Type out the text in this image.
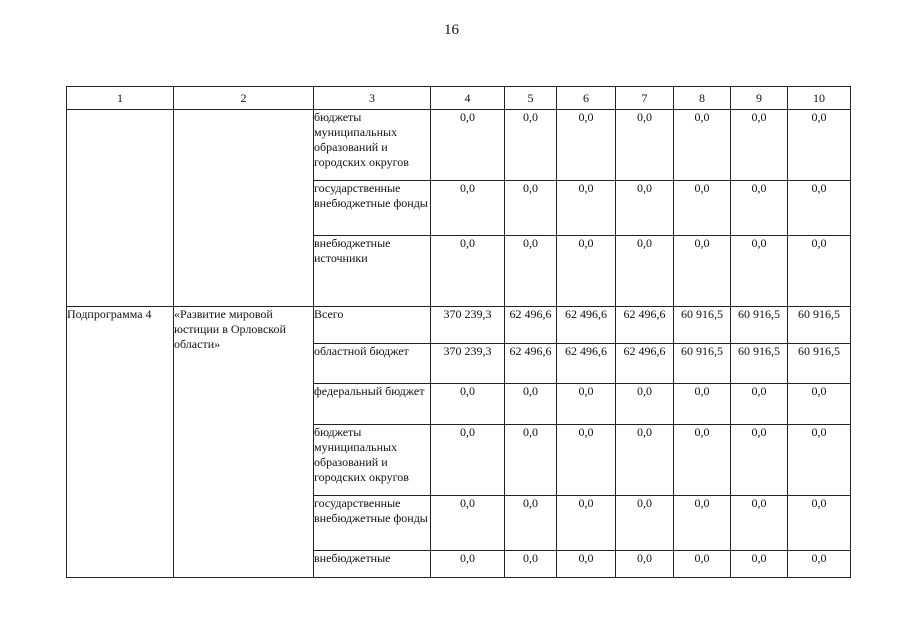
16
1	2	3	4	5	6	7	8	9	10
		бюджеты муниципальных образований и городских округов	0,0	0,0	0,0	0,0	0,0	0,0	0,0
		государственные внебюджетные фонды	0,0	0,0	0,0	0,0	0,0	0,0	0,0
		внебюджетные источники	0,0	0,0	0,0	0,0	0,0	0,0	0,0
Подпрограмма 4	«Развитие мировой юстиции в Орловской области»	Всего	370 239,3	62 496,6	62 496,6	62 496,6	60 916,5	60 916,5	60 916,5
		областной бюджет	370 239,3	62 496,6	62 496,6	62 496,6	60 916,5	60 916,5	60 916,5
		федеральный бюджет	0,0	0,0	0,0	0,0	0,0	0,0	0,0
		бюджеты муниципальных образований и городских округов	0,0	0,0	0,0	0,0	0,0	0,0	0,0
		государственные внебюджетные фонды	0,0	0,0	0,0	0,0	0,0	0,0	0,0
		внебюджетные	0,0	0,0	0,0	0,0	0,0	0,0	0,0
